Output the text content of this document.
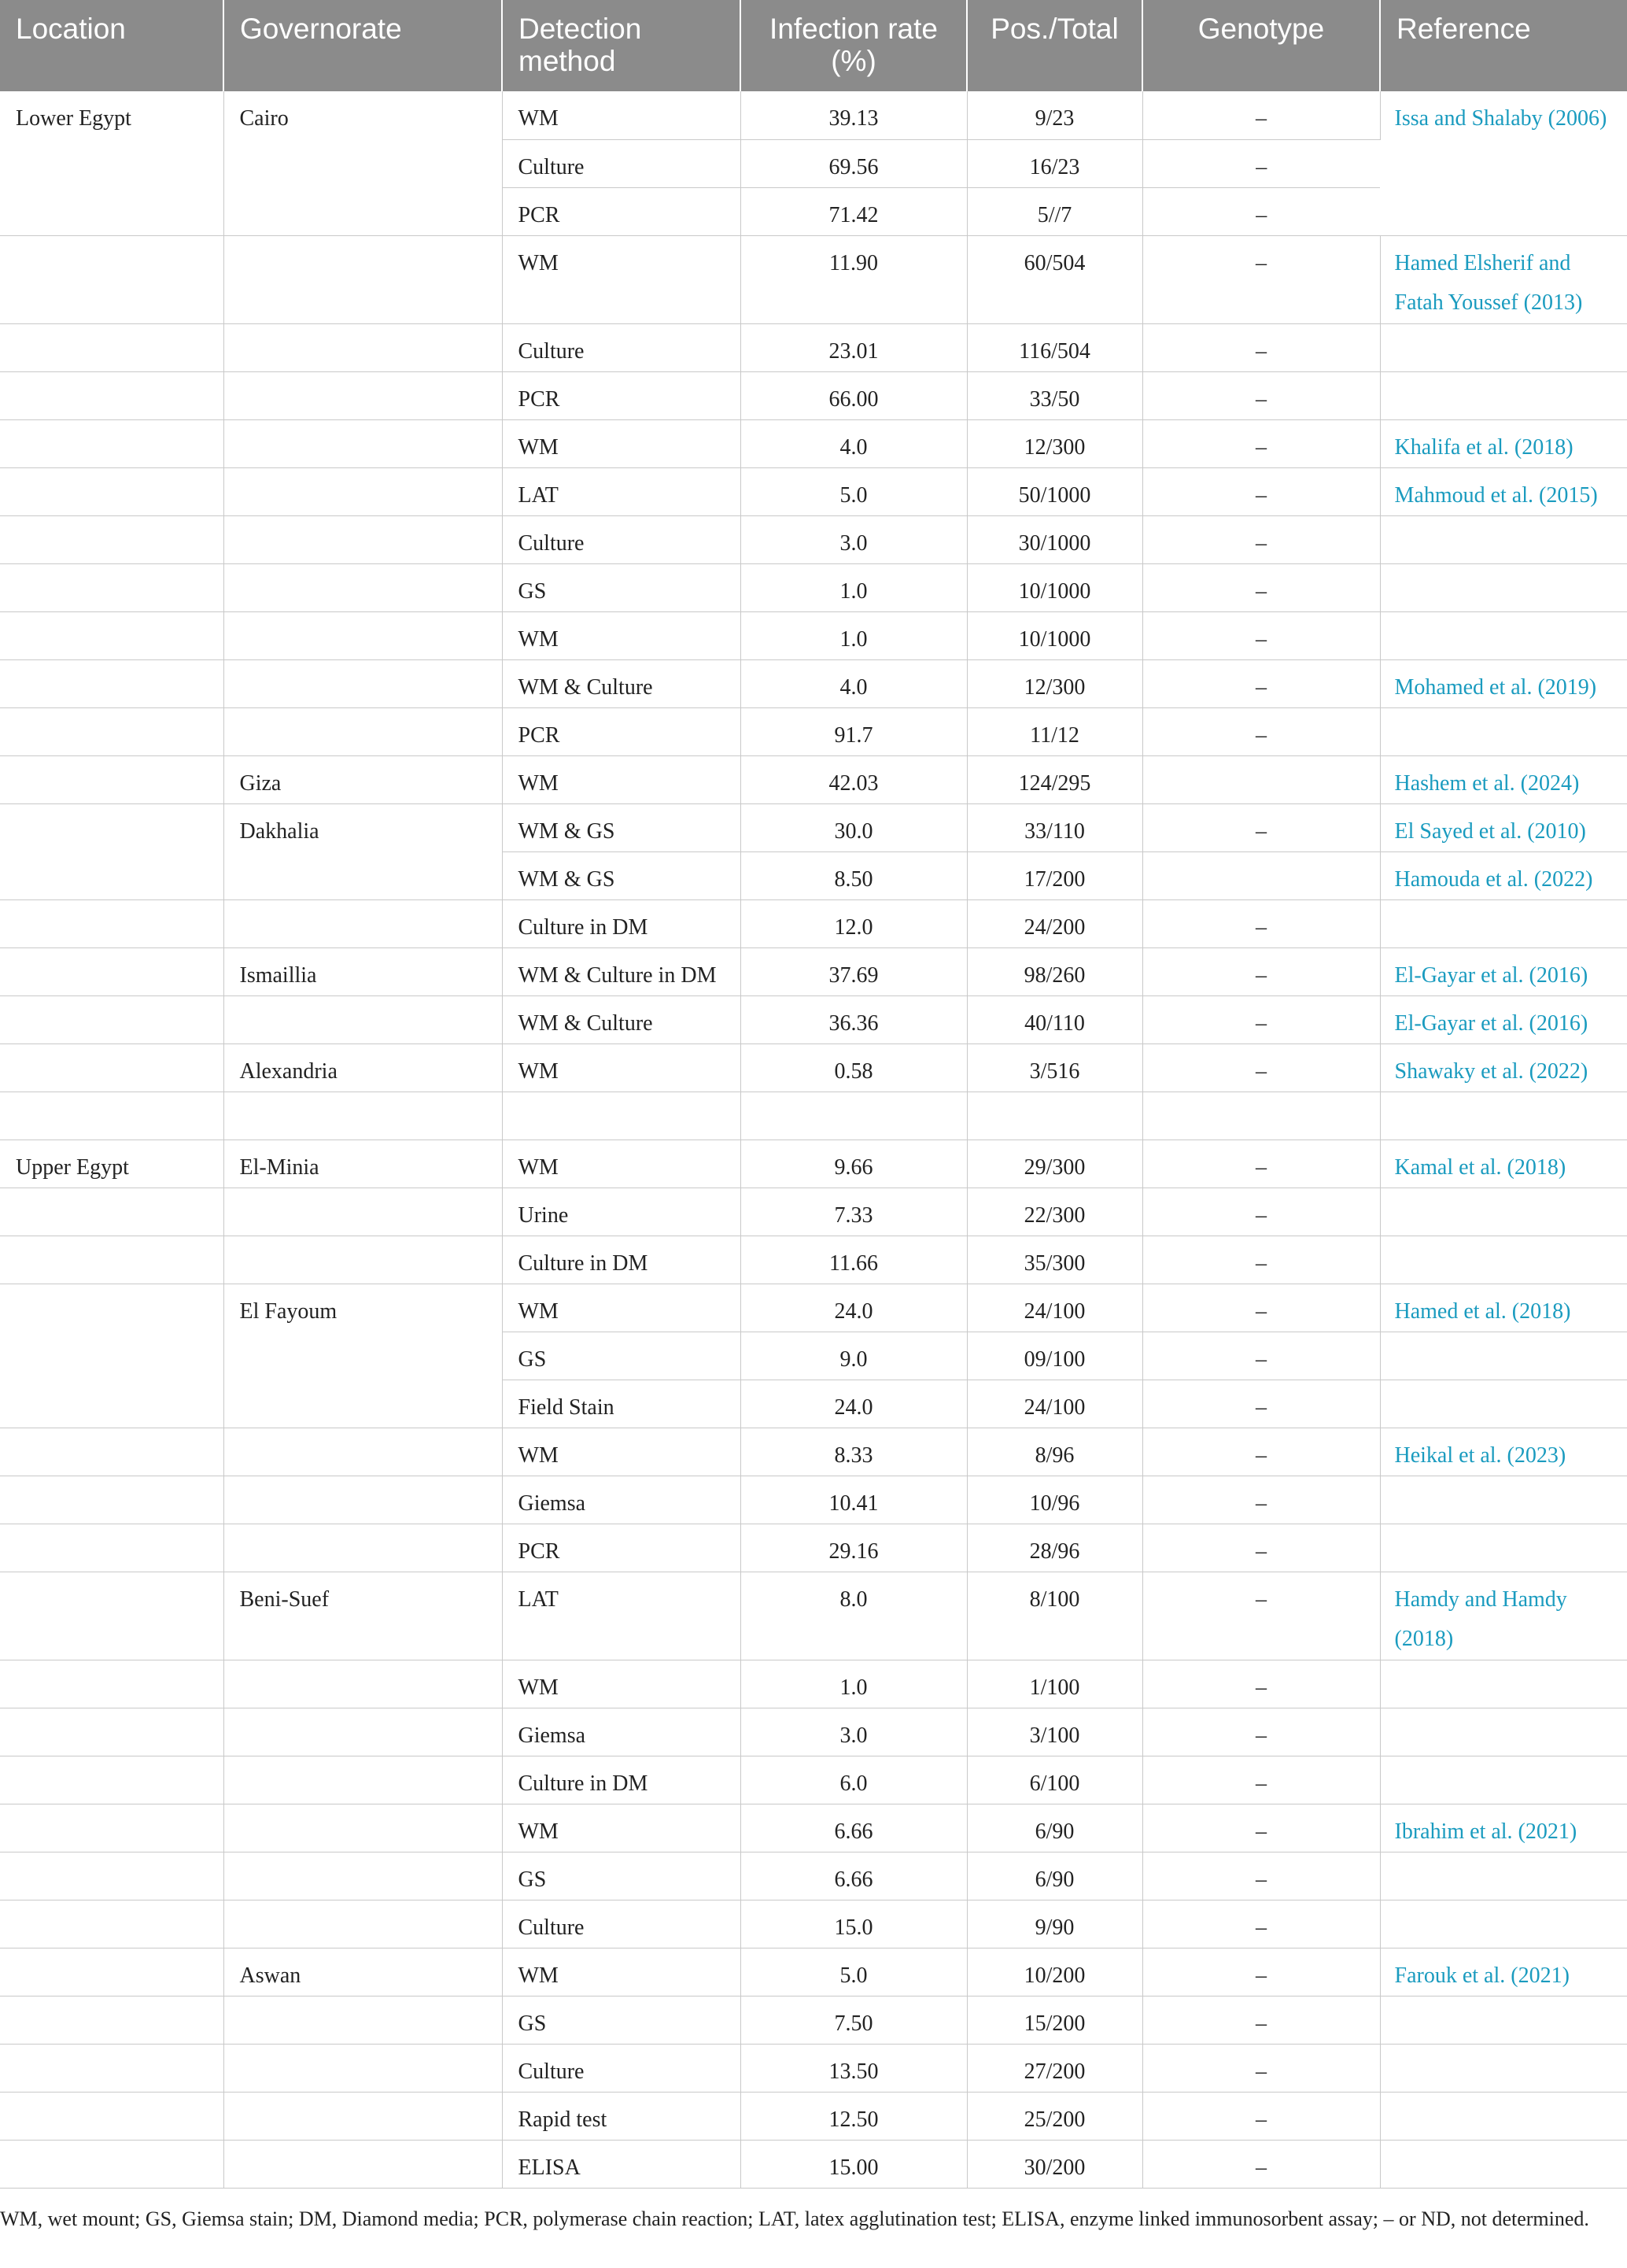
Location	Governorate	Detection method	Infection rate (%)	Pos./Total	Genotype	Reference
Lower Egypt	Cairo	WM	39.13	9/23	–	Issa and Shalaby (2006)
		Culture	69.56	16/23	–	
		PCR	71.42	5//7	–	
		WM	11.90	60/504	–	Hamed Elsherif and Fatah Youssef (2013)
		Culture	23.01	116/504	–	
		PCR	66.00	33/50	–	
		WM	4.0	12/300	–	Khalifa et al. (2018)
		LAT	5.0	50/1000	–	Mahmoud et al. (2015)
		Culture	3.0	30/1000	–	
		GS	1.0	10/1000	–	
		WM	1.0	10/1000	–	
		WM & Culture	4.0	12/300	–	Mohamed et al. (2019)
		PCR	91.7	11/12	–	
	Giza	WM	42.03	124/295		Hashem et al. (2024)
	Dakhalia	WM & GS	30.0	33/110	–	El Sayed et al. (2010)
		WM & GS	8.50	17/200		Hamouda et al. (2022)
		Culture in DM	12.0	24/200	–	
	Ismaillia	WM & Culture in DM	37.69	98/260	–	El-Gayar et al. (2016)
		WM & Culture	36.36	40/110	–	El-Gayar et al. (2016)
	Alexandria	WM	0.58	3/516	–	Shawaky et al. (2022)

Upper Egypt	El-Minia	WM	9.66	29/300	–	Kamal et al. (2018)
		Urine	7.33	22/300	–	
		Culture in DM	11.66	35/300	–	
	El Fayoum	WM	24.0	24/100	–	Hamed et al. (2018)
		GS	9.0	09/100	–	
		Field Stain	24.0	24/100	–	
		WM	8.33	8/96	–	Heikal et al. (2023)
		Giemsa	10.41	10/96	–	
		PCR	29.16	28/96	–	
	Beni-Suef	LAT	8.0	8/100	–	Hamdy and Hamdy (2018)
		WM	1.0	1/100	–	
		Giemsa	3.0	3/100	–	
		Culture in DM	6.0	6/100	–	
		WM	6.66	6/90	–	Ibrahim et al. (2021)
		GS	6.66	6/90	–	
		Culture	15.0	9/90	–	
	Aswan	WM	5.0	10/200	–	Farouk et al. (2021)
		GS	7.50	15/200	–	
		Culture	13.50	27/200	–	
		Rapid test	12.50	25/200	–	
		ELISA	15.00	30/200	–	
WM, wet mount; GS, Giemsa stain; DM, Diamond media; PCR, polymerase chain reaction; LAT, latex agglutination test; ELISA, enzyme linked immunosorbent assay; – or ND, not determined.
